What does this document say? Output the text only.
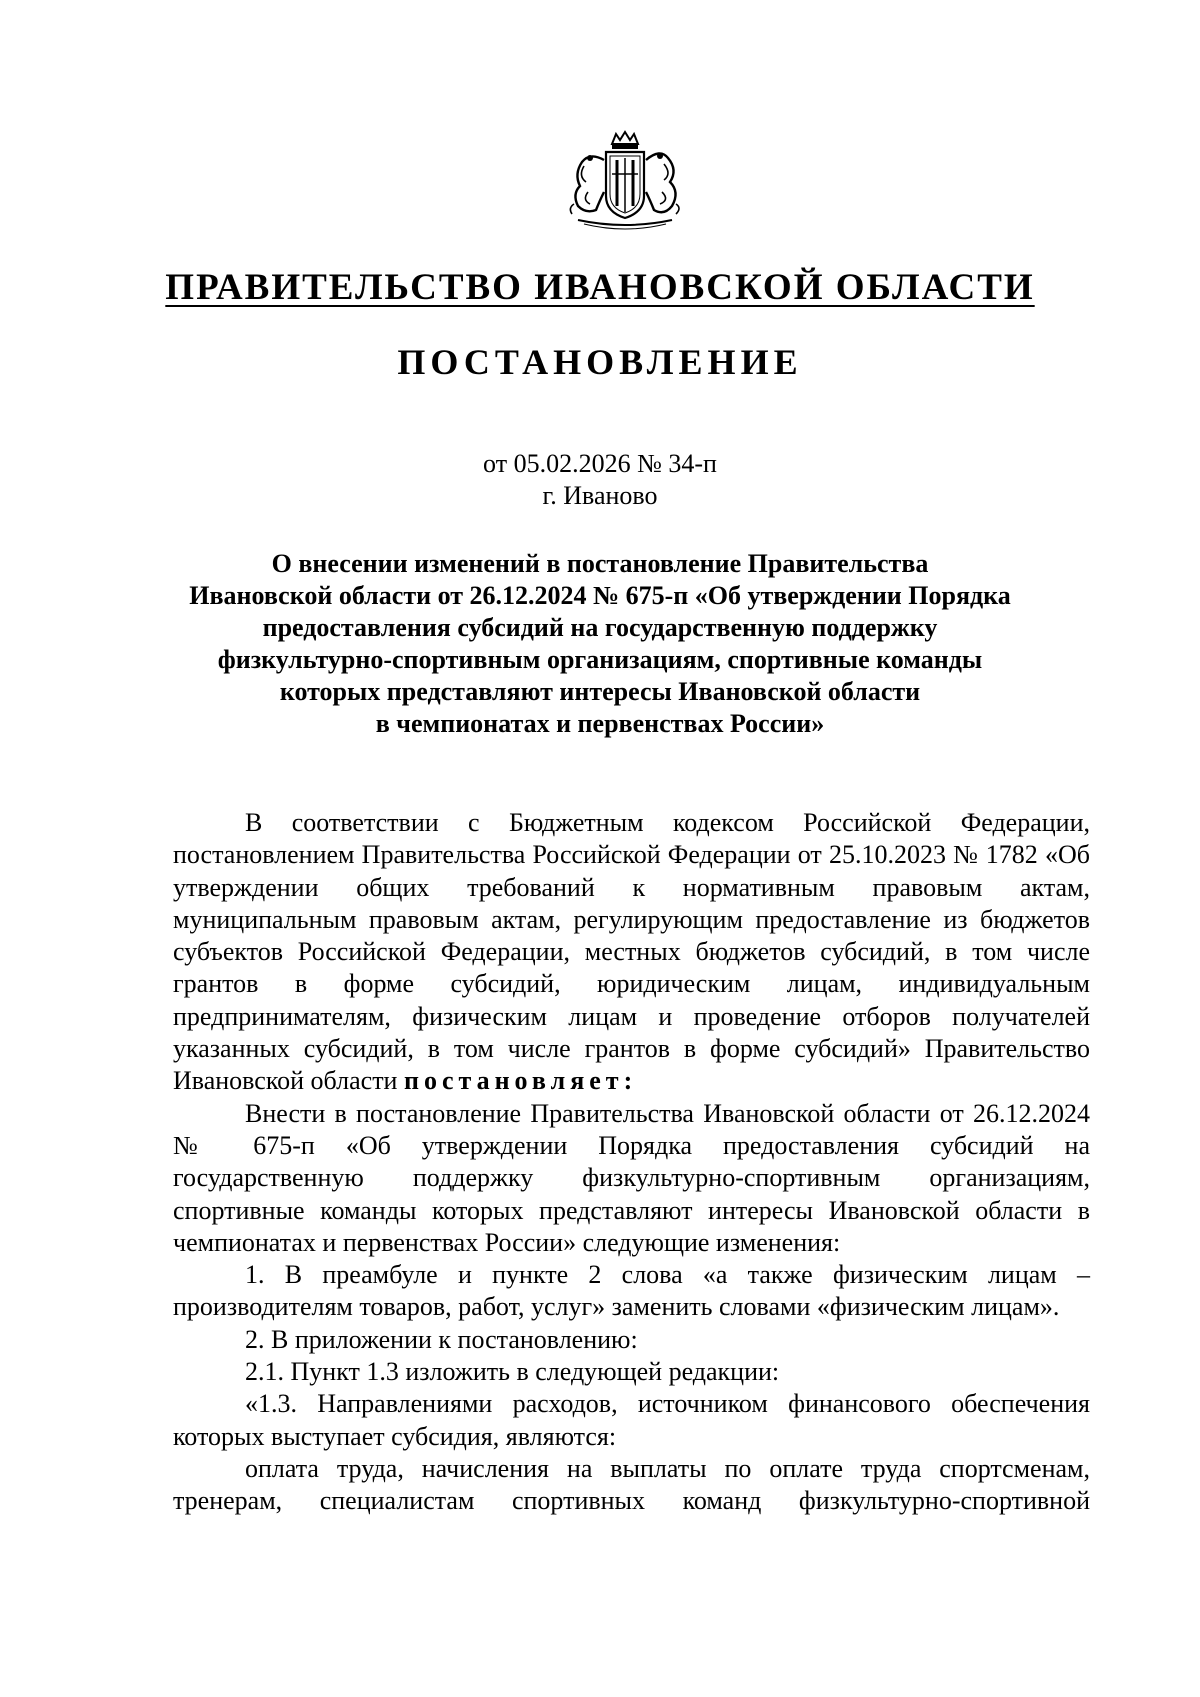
ПРАВИТЕЛЬСТВО ИВАНОВСКОЙ ОБЛАСТИ
ПОСТАНОВЛЕНИЕ
от 05.02.2026 № 34-п
г. Иваново
О внесении изменений в постановление Правительства
Ивановской области от 26.12.2024 № 675-п «Об утверждении Порядка
предоставления субсидий на государственную поддержку
физкультурно-спортивным организациям, спортивные команды
которых представляют интересы Ивановской области
в чемпионатах и первенствах России»

В соответствии с Бюджетным кодексом Российской Федерации, постановлением Правительства Российской Федерации от 25.10.2023 № 1782 «Об утверждении общих требований к нормативным правовым актам, муниципальным правовым актам, регулирующим предоставление из бюджетов субъектов Российской Федерации, местных бюджетов субсидий, в том числе грантов в форме субсидий, юридическим лицам, индивидуальным предпринимателям, физическим лицам и проведение отборов получателей указанных субсидий, в том числе грантов в форме субсидий» Правительство Ивановской области постановляет:

Внести в постановление Правительства Ивановской области от 26.12.2024 № 675-п «Об утверждении Порядка предоставления субсидий на государственную поддержку физкультурно-спортивным организациям, спортивные команды которых представляют интересы Ивановской области в чемпионатах и первенствах России» следующие изменения:

1. В преамбуле и пункте 2 слова «а также физическим лицам – производителям товаров, работ, услуг» заменить словами «физическим лицам».

2. В приложении к постановлению:

2.1. Пункт 1.3 изложить в следующей редакции:

«1.3. Направлениями расходов, источником финансового обеспечения которых выступает субсидия, являются:

оплата труда, начисления на выплаты по оплате труда спортсменам, тренерам, специалистам спортивных команд физкультурно-спортивной
